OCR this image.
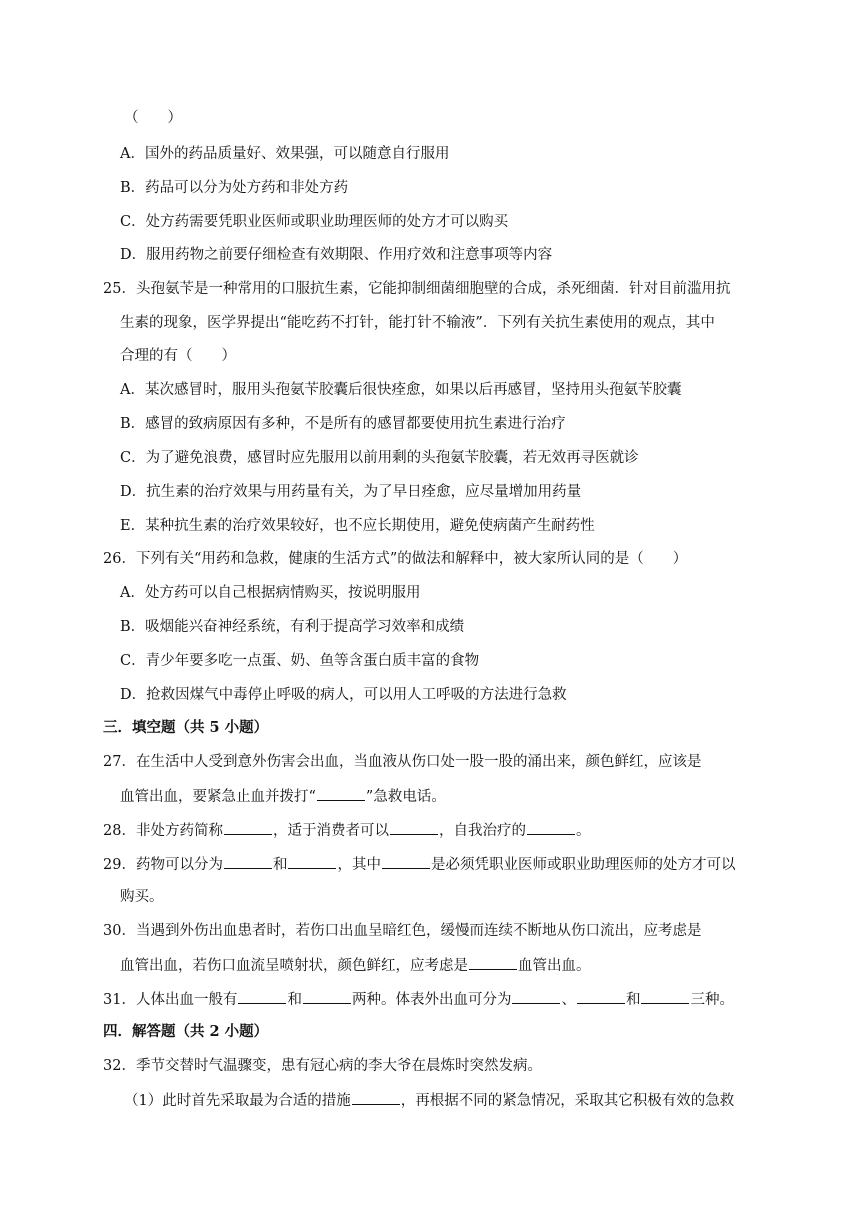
（　　）
A．国外的药品质量好、效果强，可以随意自行服用
B．药品可以分为处方药和非处方药
C．处方药需要凭职业医师或职业助理医师的处方才可以购买
D．服用药物之前要仔细检查有效期限、作用疗效和注意事项等内容
25．头孢氨苄是一种常用的口服抗生素，它能抑制细菌细胞壁的合成，杀死细菌．针对目前滥用抗
生素的现象，医学界提出“能吃药不打针，能打针不输液”．下列有关抗生素使用的观点，其中
合理的有（　　）
A．某次感冒时，服用头孢氨苄胶囊后很快痊愈，如果以后再感冒，坚持用头孢氨苄胶囊
B．感冒的致病原因有多种，不是所有的感冒都要使用抗生素进行治疗
C．为了避免浪费，感冒时应先服用以前用剩的头孢氨苄胶囊，若无效再寻医就诊
D．抗生素的治疗效果与用药量有关，为了早日痊愈，应尽量增加用药量
E．某种抗生素的治疗效果较好，也不应长期使用，避免使病菌产生耐药性
26．下列有关“用药和急救，健康的生活方式”的做法和解释中，被大家所认同的是（　　）
A．处方药可以自己根据病情购买，按说明服用
B．吸烟能兴奋神经系统，有利于提高学习效率和成绩
C．青少年要多吃一点蛋、奶、鱼等含蛋白质丰富的食物
D．抢救因煤气中毒停止呼吸的病人，可以用人工呼吸的方法进行急救
三．填空题（共 5 小题）
27．在生活中人受到意外伤害会出血，当血液从伤口处一股一股的涌出来，颜色鲜红，应该是
血管出血，要紧急止血并拨打“	”急救电话。
28．非处方药简称	，适于消费者可以	，自我治疗的	。
29．药物可以分为	和	，其中	是必须凭职业医师或职业助理医师的处方才可以
购买。
30．当遇到外伤出血患者时，若伤口出血呈暗红色，缓慢而连续不断地从伤口流出，应考虑是
血管出血，若伤口血流呈喷射状，颜色鲜红，应考虑是	血管出血。
31．人体出血一般有	和	两种。体表外出血可分为	、	和	三种。
四．解答题（共 2 小题）
32．季节交替时气温骤变，患有冠心病的李大爷在晨炼时突然发病。
（1）此时首先采取最为合适的措施	，再根据不同的紧急情况，采取其它积极有效的急救
